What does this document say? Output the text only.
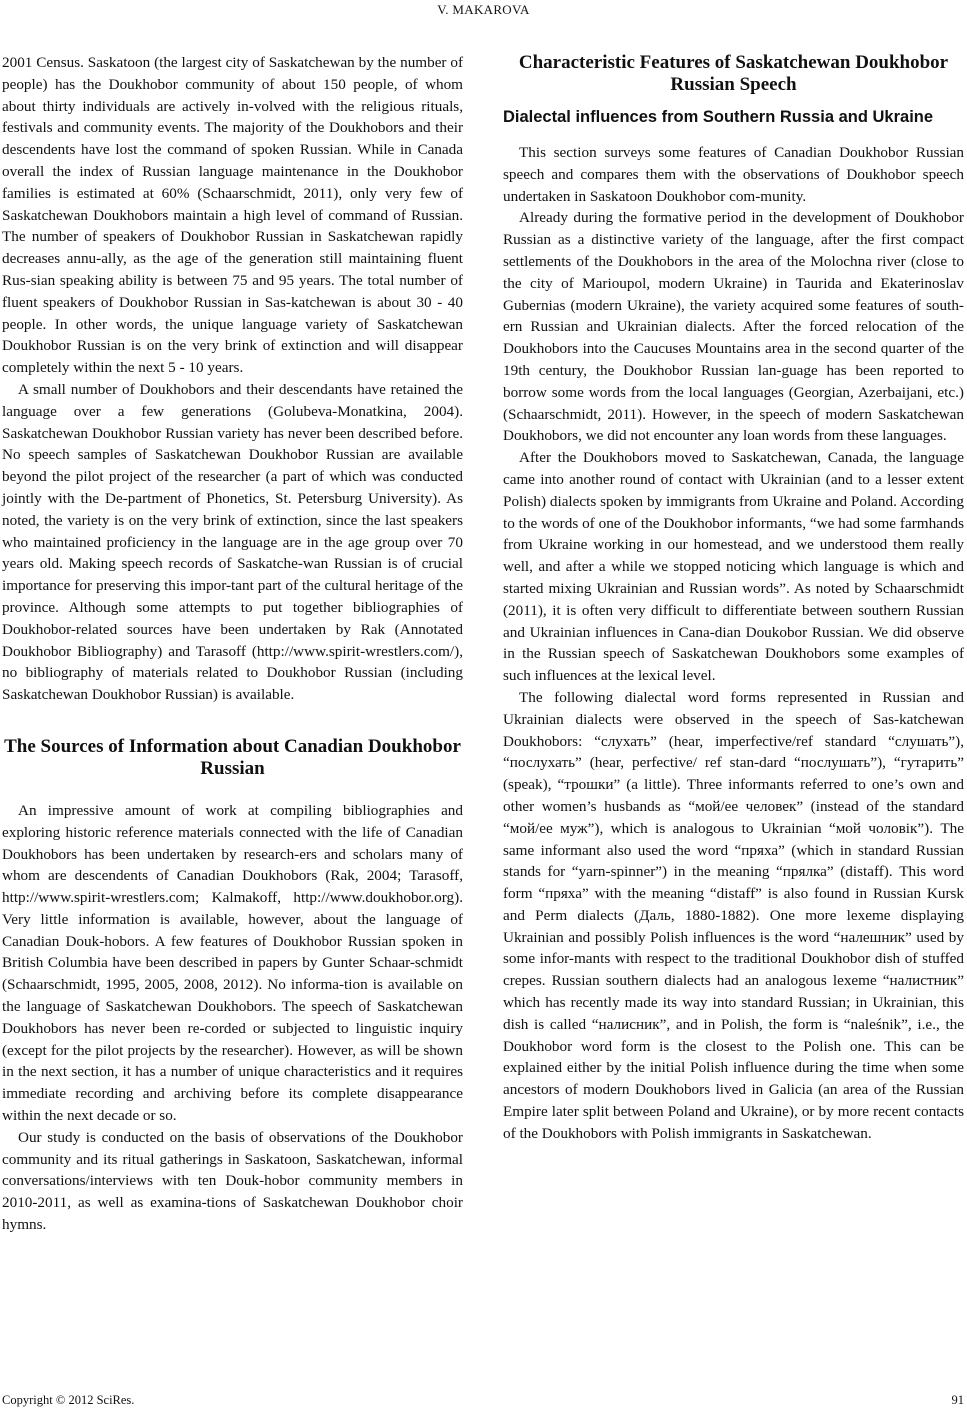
V. MAKAROVA

2001 Census. Saskatoon (the largest city of Saskatchewan by the number of people) has the Doukhobor community of about 150 people, of whom about thirty individuals are actively in-volved with the religious rituals, festivals and community events. The majority of the Doukhobors and their descendents have lost the command of spoken Russian. While in Canada overall the index of Russian language maintenance in the Doukhobor families is estimated at 60% (Schaarschmidt, 2011), only very few of Saskatchewan Doukhobors maintain a high level of command of Russian. The number of speakers of Doukhobor Russian in Saskatchewan rapidly decreases annu-ally, as the age of the generation still maintaining fluent Rus-sian speaking ability is between 75 and 95 years. The total number of fluent speakers of Doukhobor Russian in Sas-katchewan is about 30 - 40 people. In other words, the unique language variety of Saskatchewan Doukhobor Russian is on the very brink of extinction and will disappear completely within the next 5 - 10 years.

A small number of Doukhobors and their descendants have retained the language over a few generations (Golubeva-Monatkina, 2004). Saskatchewan Doukhobor Russian variety has never been described before. No speech samples of Saskatchewan Doukhobor Russian are available beyond the pilot project of the researcher (a part of which was conducted jointly with the De-partment of Phonetics, St. Petersburg University). As noted, the variety is on the very brink of extinction, since the last speakers who maintained proficiency in the language are in the age group over 70 years old. Making speech records of Saskatche-wan Russian is of crucial importance for preserving this impor-tant part of the cultural heritage of the province. Although some attempts to put together bibliographies of Doukhobor-related sources have been undertaken by Rak (Annotated Doukhobor Bibliography) and Tarasoff (http://www.spirit-wrestlers.com/), no bibliography of materials related to Doukhobor Russian (including Saskatchewan Doukhobor Russian) is available.

The Sources of Information about Canadian Doukhobor Russian

An impressive amount of work at compiling bibliographies and exploring historic reference materials connected with the life of Canadian Doukhobors has been undertaken by research-ers and scholars many of whom are descendents of Canadian Doukhobors (Rak, 2004; Tarasoff, http://www.spirit-wrestlers.com; Kalmakoff, http://www.doukhobor.org). Very little information is available, however, about the language of Canadian Douk-hobors. A few features of Doukhobor Russian spoken in British Columbia have been described in papers by Gunter Schaar-schmidt (Schaarschmidt, 1995, 2005, 2008, 2012). No informa-tion is available on the language of Saskatchewan Doukhobors. The speech of Saskatchewan Doukhobors has never been re-corded or subjected to linguistic inquiry (except for the pilot projects by the researcher). However, as will be shown in the next section, it has a number of unique characteristics and it requires immediate recording and archiving before its complete disappearance within the next decade or so.

Our study is conducted on the basis of observations of the Doukhobor community and its ritual gatherings in Saskatoon, Saskatchewan, informal conversations/interviews with ten Douk-hobor community members in 2010-2011, as well as examina-tions of Saskatchewan Doukhobor choir hymns.

Characteristic Features of Saskatchewan Doukhobor Russian Speech
Dialectal influences from Southern Russia and Ukraine

This section surveys some features of Canadian Doukhobor Russian speech and compares them with the observations of Doukhobor speech undertaken in Saskatoon Doukhobor com-munity.

Already during the formative period in the development of Doukhobor Russian as a distinctive variety of the language, after the first compact settlements of the Doukhobors in the area of the Molochna river (close to the city of Marioupol, modern Ukraine) in Taurida and Ekaterinoslav Gubernias (modern Ukraine), the variety acquired some features of south-ern Russian and Ukrainian dialects. After the forced relocation of the Doukhobors into the Caucuses Mountains area in the second quarter of the 19th century, the Doukhobor Russian lan-guage has been reported to borrow some words from the local languages (Georgian, Azerbaijani, etc.) (Schaarschmidt, 2011). However, in the speech of modern Saskatchewan Doukhobors, we did not encounter any loan words from these languages.

After the Doukhobors moved to Saskatchewan, Canada, the language came into another round of contact with Ukrainian (and to a lesser extent Polish) dialects spoken by immigrants from Ukraine and Poland. According to the words of one of the Doukhobor informants, “we had some farmhands from Ukraine working in our homestead, and we understood them really well, and after a while we stopped noticing which language is which and started mixing Ukrainian and Russian words”. As noted by Schaarschmidt (2011), it is often very difficult to differentiate between southern Russian and Ukrainian influences in Cana-dian Doukobor Russian. We did observe in the Russian speech of Saskatchewan Doukhobors some examples of such influences at the lexical level.

The following dialectal word forms represented in Russian and Ukrainian dialects were observed in the speech of Sas-katchewan Doukhobors: “слухать” (hear, imperfective/ref standard “слушать”), “послухать” (hear, perfective/ ref stan-dard “послушать”), “гутарить” (speak), “трошки” (a little). Three informants referred to one’s own and other women’s husbands as “мой/ее человек” (instead of the standard “мой/ее муж”), which is analogous to Ukrainian “мой чоловiк”). The same informant also used the word “пряха” (which in standard Russian stands for “yarn-spinner”) in the meaning “прялка” (distaff). This word form “пряха” with the meaning “distaff” is also found in Russian Kursk and Perm dialects (Даль, 1880-1882). One more lexeme displaying Ukrainian and possibly Polish influences is the word “налешник” used by some infor-mants with respect to the traditional Doukhobor dish of stuffed crepes. Russian southern dialects had an analogous lexeme “налистник” which has recently made its way into standard Russian; in Ukrainian, this dish is called “налисник”, and in Polish, the form is “naleśnik”, i.e., the Doukhobor word form is the closest to the Polish one. This can be explained either by the initial Polish influence during the time when some ancestors of modern Doukhobors lived in Galicia (an area of the Russian Empire later split between Poland and Ukraine), or by more recent contacts of the Doukhobors with Polish immigrants in Saskatchewan.

Copyright © 2012 SciRes.	91
